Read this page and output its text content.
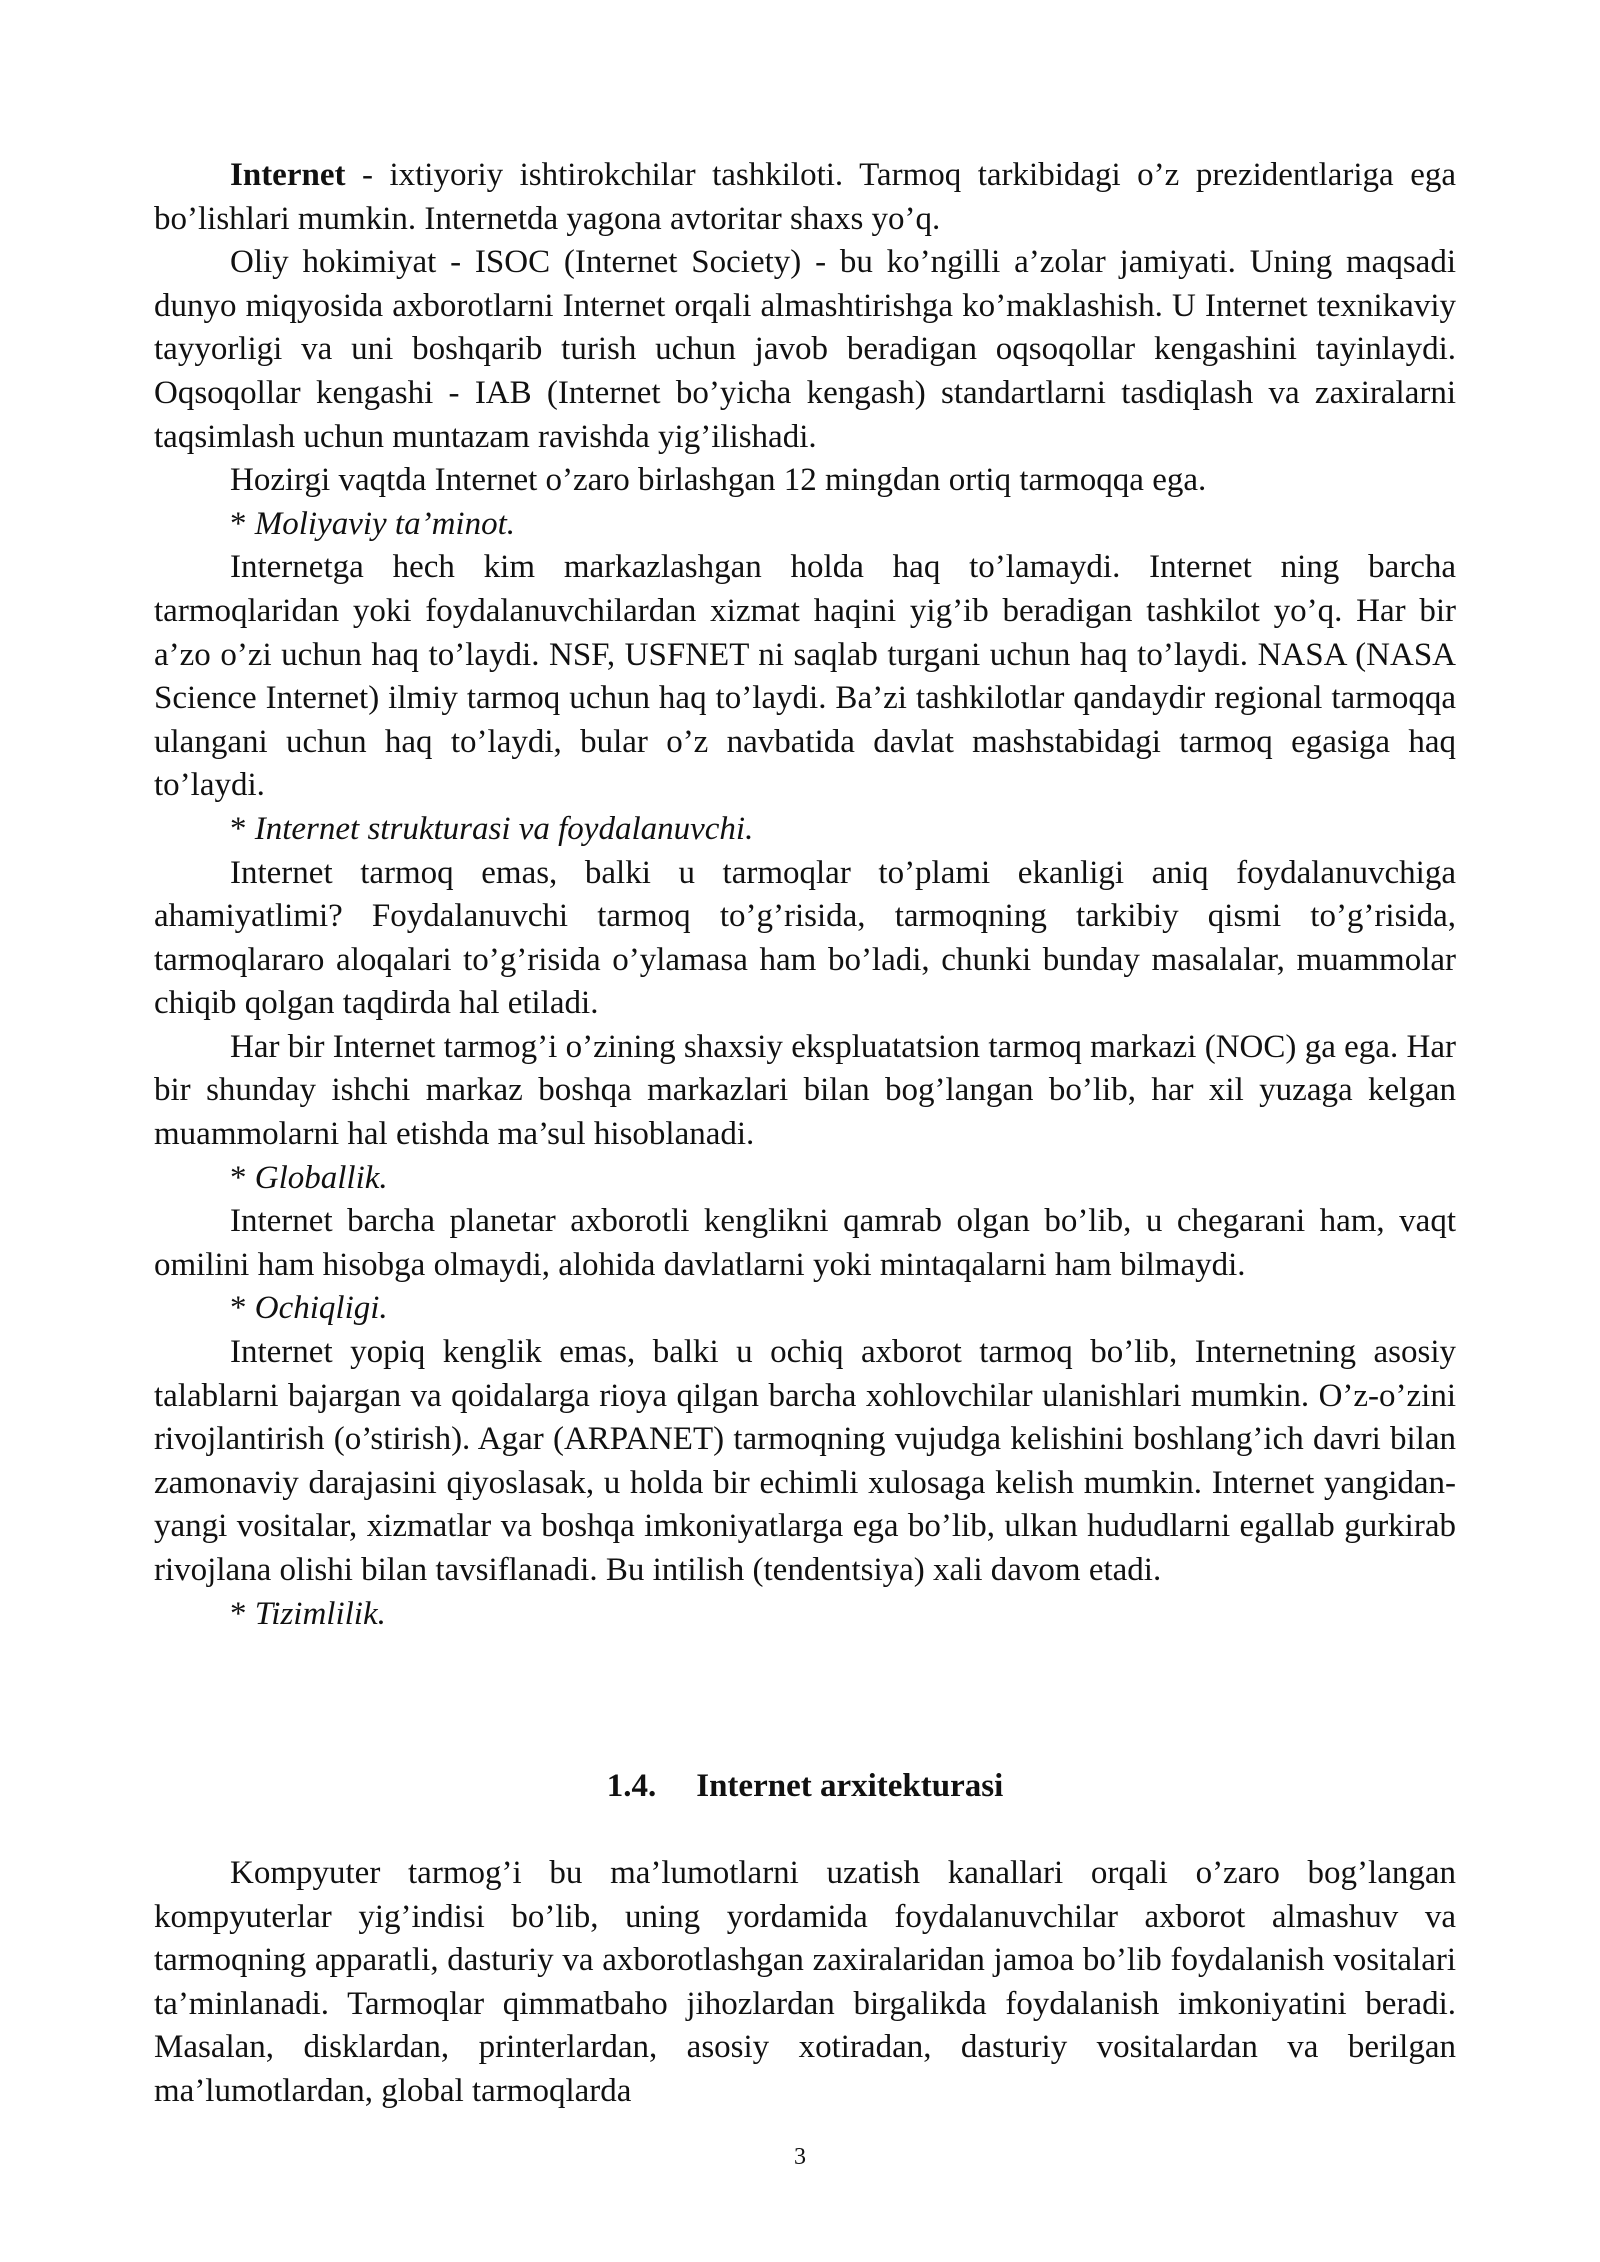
Internet - ixtiyoriy ishtirokchilar tashkiloti. Tarmoq tarkibidagi o’z prezidentlariga ega bo’lishlari mumkin. Internetda yagona avtoritar shaxs yo’q.

Oliy hokimiyat - ISOC (Internet Society) - bu ko’ngilli a’zolar jamiyati. Uning maqsadi dunyo miqyosida axborotlarni Internet orqali almashtirishga ko’maklashish. U Internet texnikaviy tayyorligi va uni boshqarib turish uchun javob beradigan oqsoqollar kengashini tayinlaydi. Oqsoqollar kengashi - IAB (Internet bo’yicha kengash) standartlarni tasdiqlash va zaxiralarni taqsimlash uchun muntazam ravishda yig’ilishadi.

Hozirgi vaqtda Internet o’zaro birlashgan 12 mingdan ortiq tarmoqqa ega.

* Moliyaviy ta’minot.

Internetga hech kim markazlashgan holda haq to’lamaydi. Internet ning barcha tarmoqlaridan yoki foydalanuvchilardan xizmat haqini yig’ib beradigan tashkilot yo’q. Har bir a’zo o’zi uchun haq to’laydi. NSF, USFNET ni saqlab turgani uchun haq to’laydi. NASA (NASA Science Internet) ilmiy tarmoq uchun haq to’laydi. Ba’zi tashkilotlar qandaydir regional tarmoqqa ulangani uchun haq to’laydi, bular o’z navbatida davlat mashstabidagi tarmoq egasiga haq to’laydi.

* Internet strukturasi va foydalanuvchi.

Internet tarmoq emas, balki u tarmoqlar to’plami ekanligi aniq foydalanuvchiga ahamiyatlimi? Foydalanuvchi tarmoq to’g’risida, tarmoqning tarkibiy qismi to’g’risida, tarmoqlararo aloqalari to’g’risida o’ylamasa ham bo’ladi, chunki bunday masalalar, muammolar chiqib qolgan taqdirda hal etiladi.

Har bir Internet tarmog’i o’zining shaxsiy ekspluatatsion tarmoq markazi (NOC) ga ega. Har bir shunday ishchi markaz boshqa markazlari bilan bog’langan bo’lib, har xil yuzaga kelgan muammolarni hal etishda ma’sul hisoblanadi.

* Globallik.

Internet barcha planetar axborotli kenglikni qamrab olgan bo’lib, u chegarani ham, vaqt omilini ham hisobga olmaydi, alohida davlatlarni yoki mintaqalarni ham bilmaydi.

* Ochiqligi.

Internet yopiq kenglik emas, balki u ochiq axborot tarmoq bo’lib, Internetning asosiy talablarni bajargan va qoidalarga rioya qilgan barcha xohlovchilar ulanishlari mumkin. O’z-o’zini rivojlantirish (o’stirish). Agar (ARPANET) tarmoqning vujudga kelishini boshlang’ich davri bilan zamonaviy darajasini qiyoslasak, u holda bir echimli xulosaga kelish mumkin. Internet yangidan-yangi vositalar, xizmatlar va boshqa imkoniyatlarga ega bo’lib, ulkan hududlarni egallab gurkirab rivojlana olishi bilan tavsiflanadi. Bu intilish (tendentsiya) xali davom etadi.

* Tizimlilik.

1.4. Internet arxitekturasi

Kompyuter tarmog’i bu ma’lumotlarni uzatish kanallari orqali o’zaro bog’langan kompyuterlar yig’indisi bo’lib, uning yordamida foydalanuvchilar axborot almashuv va tarmoqning apparatli, dasturiy va axborotlashgan zaxiralaridan jamoa bo’lib foydalanish vositalari ta’minlanadi. Tarmoqlar qimmatbaho jihozlardan birgalikda foydalanish imkoniyatini beradi. Masalan, disklardan, printerlardan, asosiy xotiradan, dasturiy vositalardan va berilgan ma’lumotlardan, global tarmoqlarda

3
